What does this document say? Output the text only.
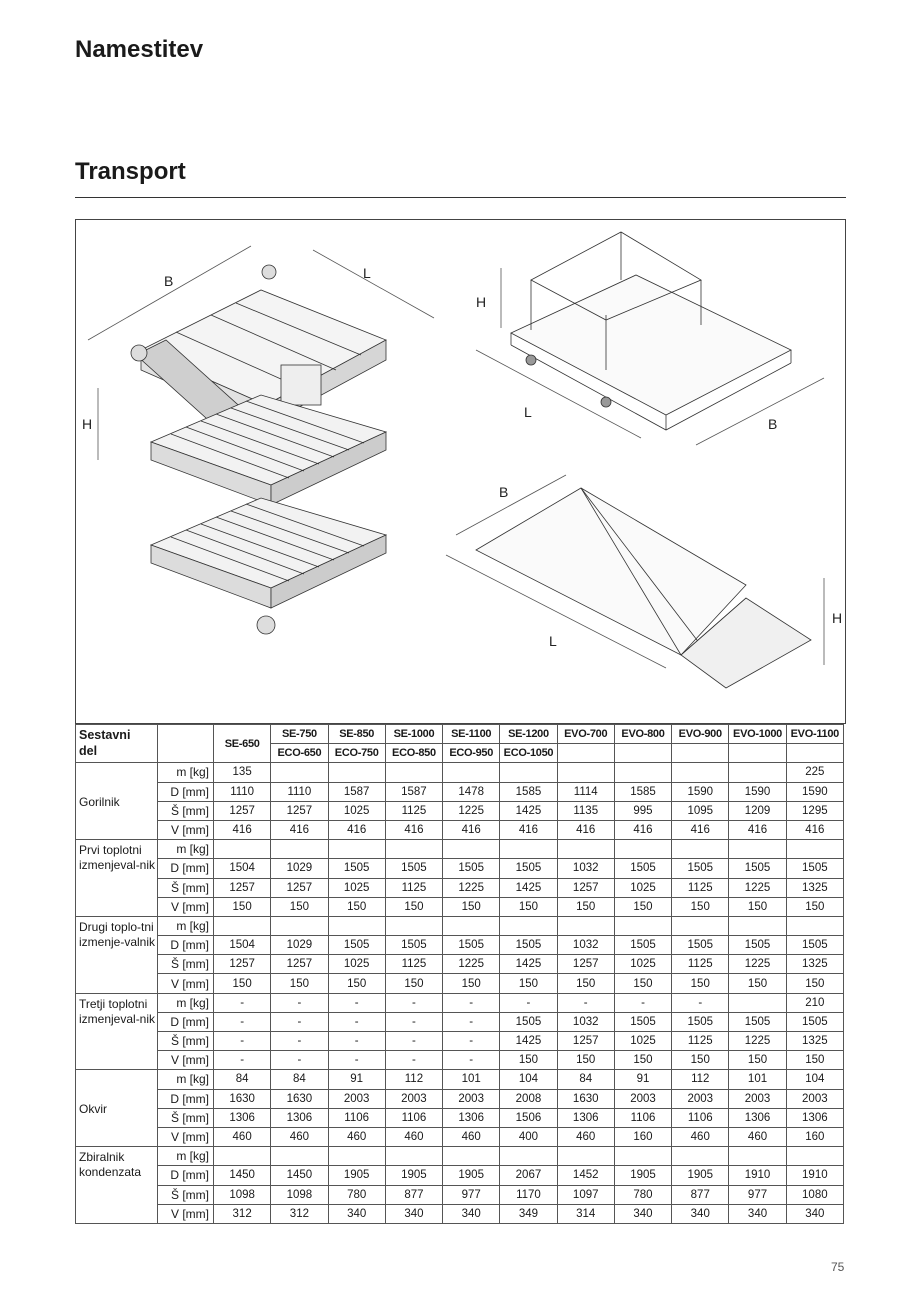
Namestitev
Transport
B	L
H
H
L
B
B
L
H
Sestavni
del		SE-650	SE-750	SE-850	SE-1000	SE-1100	SE-1200	EVO-700	EVO-800	EVO-900	EVO-1000	EVO-1100
			ECO-650	ECO-750	ECO-850	ECO-950	ECO-1050					
Gorilnik	m [kg]	135										225
	D [mm]	1110	1110	1587	1587	1478	1585	1114	1585	1590	1590	1590
	Š [mm]	1257	1257	1025	1125	1225	1425	1135	995	1095	1209	1295
	V [mm]	416	416	416	416	416	416	416	416	416	416	416
Prvi toplotni izmenjeval-nik	m [kg]											
	D [mm]	1504	1029	1505	1505	1505	1505	1032	1505	1505	1505	1505
	Š [mm]	1257	1257	1025	1125	1225	1425	1257	1025	1125	1225	1325
	V [mm]	150	150	150	150	150	150	150	150	150	150	150
Drugi toplo-tni izmenje-valnik	m [kg]											
	D [mm]	1504	1029	1505	1505	1505	1505	1032	1505	1505	1505	1505
	Š [mm]	1257	1257	1025	1125	1225	1425	1257	1025	1125	1225	1325
	V [mm]	150	150	150	150	150	150	150	150	150	150	150
Tretji toplotni izmenjeval-nik	m [kg]	-	-	-	-	-	-	-	-	-		210
	D [mm]	-	-	-	-	-	1505	1032	1505	1505	1505	1505
	Š [mm]	-	-	-	-	-	1425	1257	1025	1125	1225	1325
	V [mm]	-	-	-	-	-	150	150	150	150	150	150
Okvir	m [kg]	84	84	91	112	101	104	84	91	112	101	104
	D [mm]	1630	1630	2003	2003	2003	2008	1630	2003	2003	2003	2003
	Š [mm]	1306	1306	1106	1106	1306	1506	1306	1106	1106	1306	1306
	V [mm]	460	460	460	460	460	400	460	160	460	460	160
Zbiralnik kondenzata	m [kg]											
	D [mm]	1450	1450	1905	1905	1905	2067	1452	1905	1905	1910	1910
	Š [mm]	1098	1098	780	877	977	1170	1097	780	877	977	1080
	V [mm]	312	312	340	340	340	349	314	340	340	340	340
75
